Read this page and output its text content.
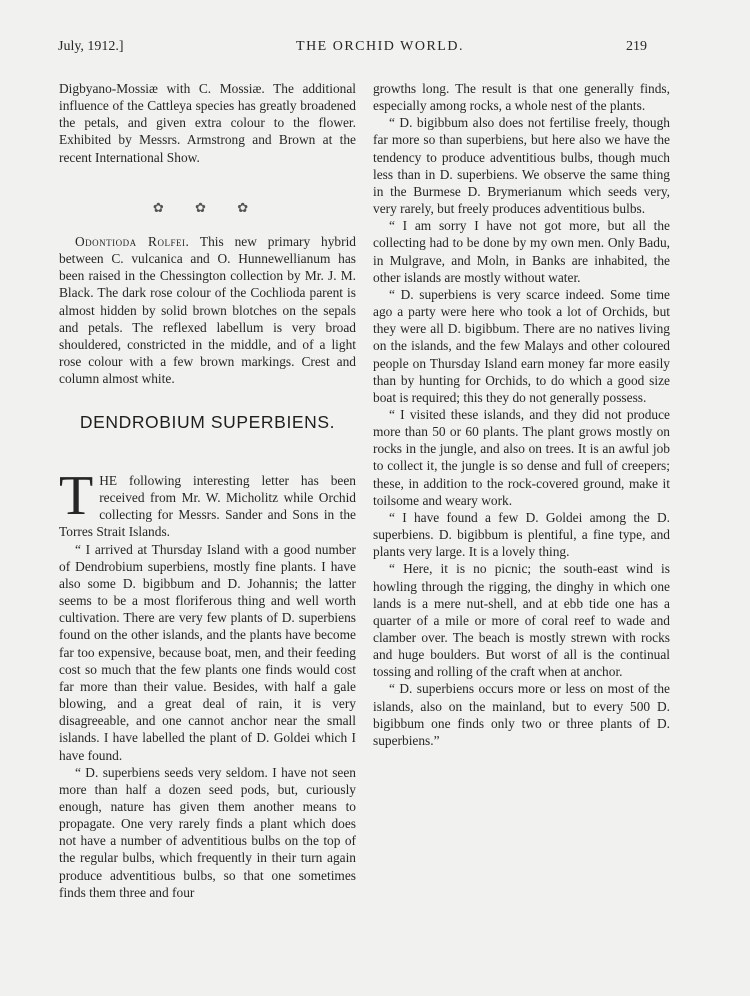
July, 1912.]	THE ORCHID WORLD.	219

Digbyano-Mossiæ with C. Mossiæ. The additional influence of the Cattleya species has greatly broadened the petals, and given extra colour to the flower. Exhibited by Messrs. Armstrong and Brown at the recent International Show.

✿ ✿ ✿

Odontioda Rolfei. This new primary hybrid between C. vulcanica and O. Hunnewellianum has been raised in the Chessington collection by Mr. J. M. Black. The dark rose colour of the Cochlioda parent is almost hidden by solid brown blotches on the sepals and petals. The reflexed labellum is very broad shouldered, constricted in the middle, and of a light rose colour with a few brown markings. Crest and column almost white.

DENDROBIUM SUPERBIENS.

THE following interesting letter has been received from Mr. W. Micholitz while Orchid collecting for Messrs. Sander and Sons in the Torres Strait Islands.

“ I arrived at Thursday Island with a good number of Dendrobium superbiens, mostly fine plants. I have also some D. bigibbum and D. Johannis; the latter seems to be a most floriferous thing and well worth cultivation. There are very few plants of D. superbiens found on the other islands, and the plants have become far too expensive, because boat, men, and their feeding cost so much that the few plants one finds would cost far more than their value. Besides, with half a gale blowing, and a great deal of rain, it is very disagreeable, and one cannot anchor near the small islands. I have labelled the plant of D. Goldei which I have found.

“ D. superbiens seeds very seldom. I have not seen more than half a dozen seed pods, but, curiously enough, nature has given them another means to propagate. One very rarely finds a plant which does not have a number of adventitious bulbs on the top of the regular bulbs, which frequently in their turn again produce adventitious bulbs, so that one sometimes finds them three and four

growths long. The result is that one generally finds, especially among rocks, a whole nest of the plants.

“ D. bigibbum also does not fertilise freely, though far more so than superbiens, but here also we have the tendency to produce adventitious bulbs, though much less than in D. superbiens. We observe the same thing in the Burmese D. Brymerianum which seeds very, very rarely, but freely produces adventitious bulbs.

“ I am sorry I have not got more, but all the collecting had to be done by my own men. Only Badu, in Mulgrave, and Moln, in Banks are inhabited, the other islands are mostly without water.

“ D. superbiens is very scarce indeed. Some time ago a party were here who took a lot of Orchids, but they were all D. bigibbum. There are no natives living on the islands, and the few Malays and other coloured people on Thursday Island earn money far more easily than by hunting for Orchids, to do which a good size boat is required; this they do not generally possess.

“ I visited these islands, and they did not produce more than 50 or 60 plants. The plant grows mostly on rocks in the jungle, and also on trees. It is an awful job to collect it, the jungle is so dense and full of creepers; these, in addition to the rock-covered ground, make it toilsome and weary work.

“ I have found a few D. Goldei among the D. superbiens. D. bigibbum is plentiful, a fine type, and plants very large. It is a lovely thing.

“ Here, it is no picnic; the south-east wind is howling through the rigging, the dinghy in which one lands is a mere nut-shell, and at ebb tide one has a quarter of a mile or more of coral reef to wade and clamber over. The beach is mostly strewn with rocks and huge boulders. But worst of all is the continual tossing and rolling of the craft when at anchor.

“ D. superbiens occurs more or less on most of the islands, also on the mainland, but to every 500 D. bigibbum one finds only two or three plants of D. superbiens.”
